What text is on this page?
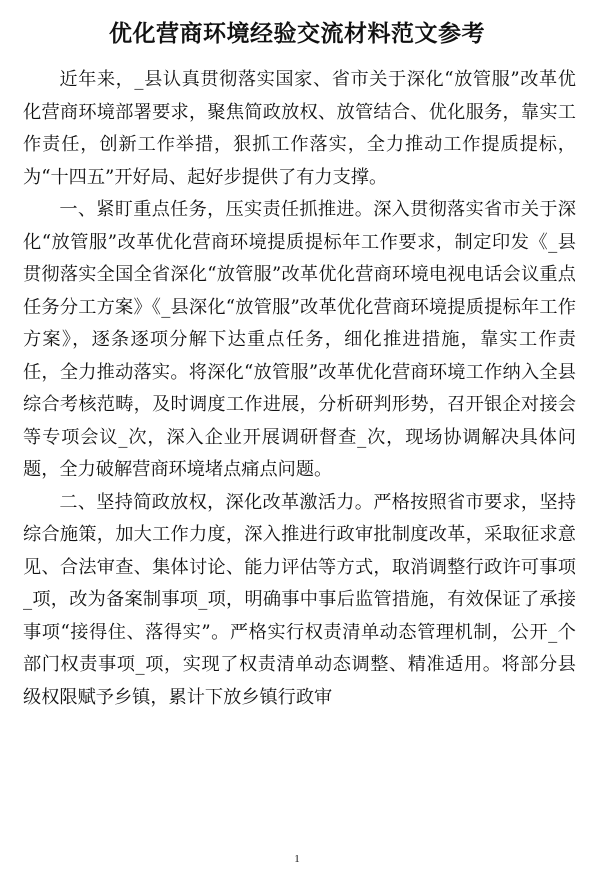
优化营商环境经验交流材料范文参考

近年来，_县认真贯彻落实国家、省市关于深化“放管服”改革优化营商环境部署要求，聚焦简政放权、放管结合、优化服务，靠实工作责任，创新工作举措，狠抓工作落实，全力推动工作提质提标，为“十四五”开好局、起好步提供了有力支撑。

一、紧盯重点任务，压实责任抓推进。深入贯彻落实省市关于深化“放管服”改革优化营商环境提质提标年工作要求，制定印发《_县贯彻落实全国全省深化“放管服”改革优化营商环境电视电话会议重点任务分工方案》《_县深化“放管服”改革优化营商环境提质提标年工作方案》，逐条逐项分解下达重点任务，细化推进措施，靠实工作责任，全力推动落实。将深化“放管服”改革优化营商环境工作纳入全县综合考核范畴，及时调度工作进展，分析研判形势，召开银企对接会等专项会议_次，深入企业开展调研督查_次，现场协调解决具体问题，全力破解营商环境堵点痛点问题。

二、坚持简政放权，深化改革激活力。严格按照省市要求，坚持综合施策，加大工作力度，深入推进行政审批制度改革，采取征求意见、合法审查、集体讨论、能力评估等方式，取消调整行政许可事项_项，改为备案制事项_项，明确事中事后监管措施，有效保证了承接事项“接得住、落得实”。严格实行权责清单动态管理机制，公开_个部门权责事项_项，实现了权责清单动态调整、精准适用。将部分县级权限赋予乡镇，累计下放乡镇行政审

1
